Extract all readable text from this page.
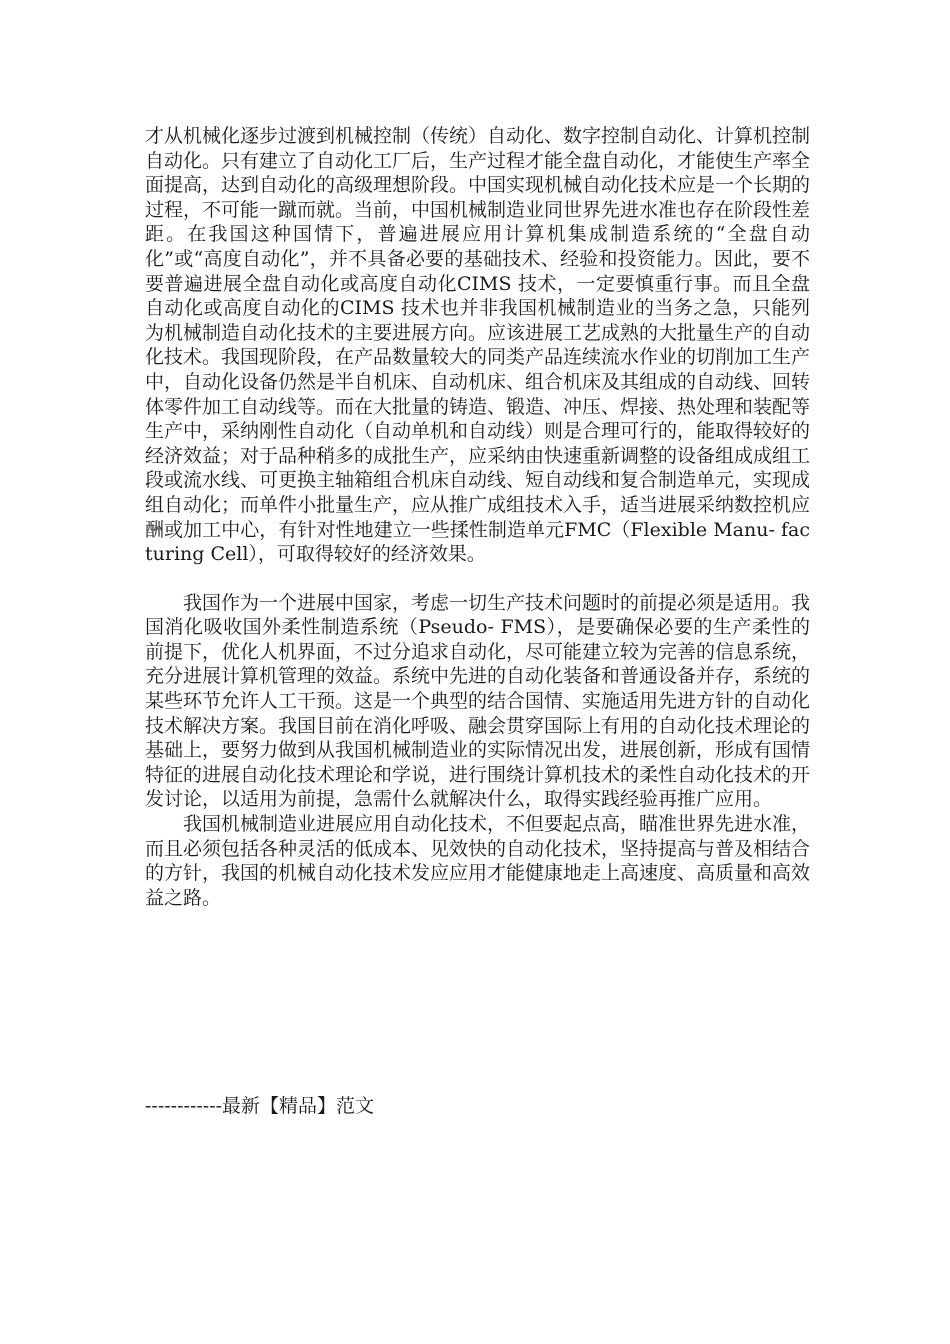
才从机械化逐步过渡到机械控制（传统）自动化、数字控制自动化、计算机控制自动化。只有建立了自动化工厂后，生产过程才能全盘自动化，才能使生产率全面提高，达到自动化的高级理想阶段。中国实现机械自动化技术应是一个长期的过程，不可能一蹴而就。当前，中国机械制造业同世界先进水准也存在阶段性差距。在我国这种国情下，普遍进展应用计算机集成制造系统的“全盘自动化”或“高度自动化”，并不具备必要的基础技术、经验和投资能力。因此，要不要普遍进展全盘自动化或高度自动化CIMS 技术，一定要慎重行事。而且全盘自动化或高度自动化的CIMS 技术也并非我国机械制造业的当务之急，只能列为机械制造自动化技术的主要进展方向。应该进展工艺成熟的大批量生产的自动化技术。我国现阶段，在产品数量较大的同类产品连续流水作业的切削加工生产中，自动化设备仍然是半自机床、自动机床、组合机床及其组成的自动线、回转体零件加工自动线等。而在大批量的铸造、锻造、冲压、焊接、热处理和装配等生产中，采纳刚性自动化（自动单机和自动线）则是合理可行的，能取得较好的经济效益；对于品种稍多的成批生产，应采纳由快速重新调整的设备组成成组工段或流水线、可更换主轴箱组合机床自动线、短自动线和复合制造单元，实现成组自动化；而单件小批量生产，应从推广成组技术入手，适当进展采纳数控机应酬或加工中心，有针对性地建立一些揉性制造单元FMC（Flexible Manu- facturing Cell），可取得较好的经济效果。

我国作为一个进展中国家，考虑一切生产技术问题时的前提必须是适用。我国消化吸收国外柔性制造系统（Pseudo- FMS），是要确保必要的生产柔性的前提下，优化人机界面，不过分追求自动化，尽可能建立较为完善的信息系统，充分进展计算机管理的效益。系统中先进的自动化装备和普通设备并存，系统的某些环节允许人工干预。这是一个典型的结合国情、实施适用先进方针的自动化技术解决方案。我国目前在消化呼吸、融会贯穿国际上有用的自动化技术理论的基础上，要努力做到从我国机械制造业的实际情况出发，进展创新，形成有国情特征的进展自动化技术理论和学说，进行围绕计算机技术的柔性自动化技术的开发讨论，以适用为前提，急需什么就解决什么，取得实践经验再推广应用。

我国机械制造业进展应用自动化技术，不但要起点高，瞄准世界先进水准，而且必须包括各种灵活的低成本、见效快的自动化技术，坚持提高与普及相结合的方针，我国的机械自动化技术发应应用才能健康地走上高速度、高质量和高效益之路。

------------最新【精品】范文
